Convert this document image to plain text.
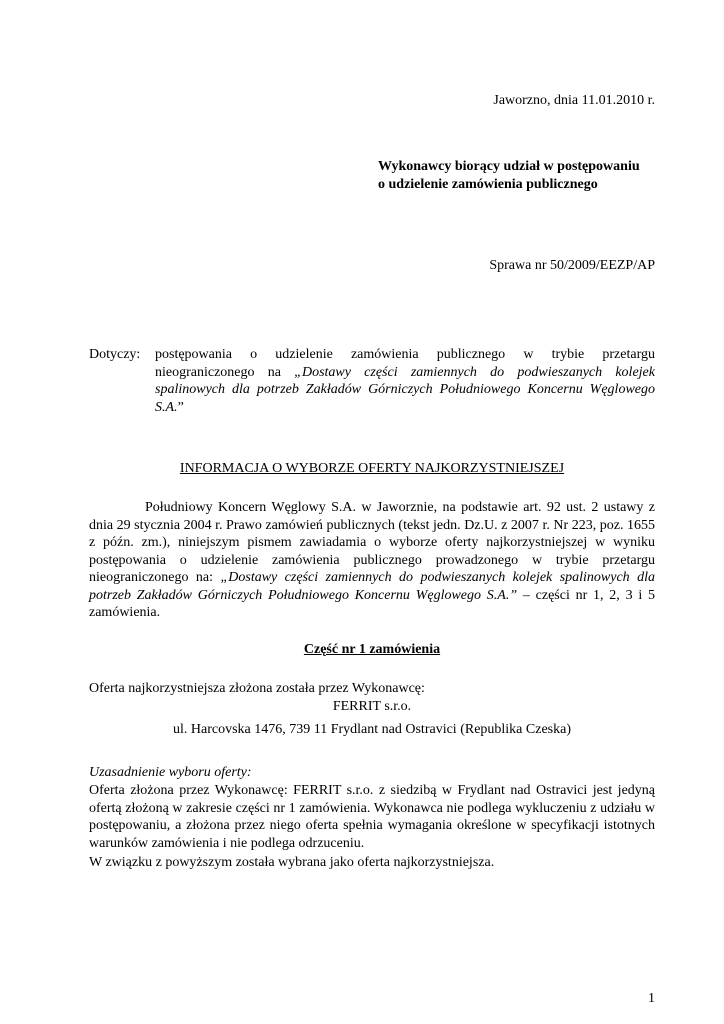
Jaworzno, dnia 11.01.2010 r.
Wykonawcy biorący udział w postępowaniu
o udzielenie zamówienia publicznego
Sprawa nr 50/2009/EEZP/AP
Dotyczy: postępowania o udzielenie zamówienia publicznego w trybie przetargu nieograniczonego na „Dostawy części zamiennych do podwieszanych kolejek spalinowych dla potrzeb Zakładów Górniczych Południowego Koncernu Węglowego S.A.”
INFORMACJA O WYBORZE OFERTY NAJKORZYSTNIEJSZEJ
Południowy Koncern Węglowy S.A. w Jaworznie, na podstawie art. 92 ust. 2 ustawy z dnia 29 stycznia 2004 r. Prawo zamówień publicznych (tekst jedn. Dz.U. z 2007 r. Nr 223, poz. 1655 z późn. zm.), niniejszym pismem zawiadamia o wyborze oferty najkorzystniejszej w wyniku postępowania o udzielenie zamówienia publicznego prowadzonego w trybie przetargu nieograniczonego na: „Dostawy części zamiennych do podwieszanych kolejek spalinowych dla potrzeb Zakładów Górniczych Południowego Koncernu Węglowego S.A.” – części nr 1, 2, 3 i 5 zamówienia.
Część nr 1 zamówienia
Oferta najkorzystniejsza złożona została przez Wykonawcę:
FERRIT s.r.o.
ul. Harcovska 1476, 739 11 Frydlant nad Ostravici (Republika Czeska)
Uzasadnienie wyboru oferty:
Oferta złożona przez Wykonawcę: FERRIT s.r.o. z siedzibą w Frydlant nad Ostravici jest jedyną ofertą złożoną w zakresie części nr 1 zamówienia. Wykonawca nie podlega wykluczeniu z udziału w postępowaniu, a złożona przez niego oferta spełnia wymagania określone w specyfikacji istotnych warunków zamówienia i nie podlega odrzuceniu.
W związku z powyższym została wybrana jako oferta najkorzystniejsza.
1
